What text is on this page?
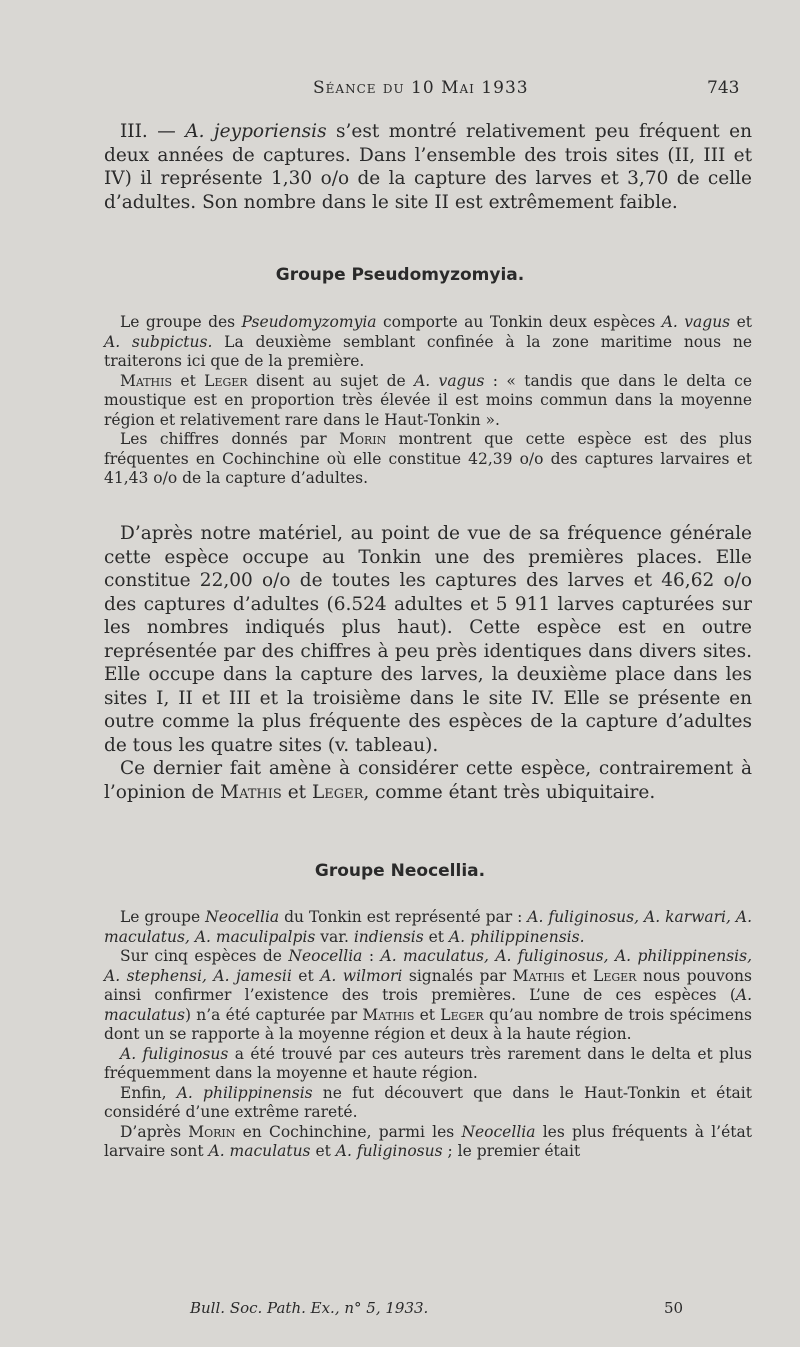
Séance du 10 Mai 1933	743

III. — A. jeyporiensis s’est montré relativement peu fréquent en deux années de captures. Dans l’ensemble des trois sites (II, III et IV) il représente 1,30 o/o de la capture des larves et 3,70 de celle d’adultes. Son nombre dans le site II est extrêmement faible.

Groupe Pseudomyzomyia.

Le groupe des Pseudomyzomyia comporte au Tonkin deux espèces A. vagus et A. subpictus. La deuxième semblant confinée à la zone maritime nous ne traiterons ici que de la première.

Mathis et Leger disent au sujet de A. vagus : « tandis que dans le delta ce moustique est en proportion très élevée il est moins commun dans la moyenne région et relativement rare dans le Haut-Tonkin ».

Les chiffres donnés par Morin montrent que cette espèce est des plus fréquentes en Cochinchine où elle constitue 42,39 o/o des captures larvaires et 41,43 o/o de la capture d’adultes.

D’après notre matériel, au point de vue de sa fréquence générale cette espèce occupe au Tonkin une des premières places. Elle constitue 22,00 o/o de toutes les captures des larves et 46,62 o/o des captures d’adultes (6.524 adultes et 5 911 larves capturées sur les nombres indiqués plus haut). Cette espèce est en outre représentée par des chiffres à peu près identiques dans divers sites. Elle occupe dans la capture des larves, la deuxième place dans les sites I, II et III et la troisième dans le site IV. Elle se présente en outre comme la plus fréquente des espèces de la capture d’adultes de tous les quatre sites (v. tableau).

Ce dernier fait amène à considérer cette espèce, contrairement à l’opinion de Mathis et Leger, comme étant très ubiquitaire.

Groupe Neocellia.

Le groupe Neocellia du Tonkin est représenté par : A. fuliginosus, A. karwari, A. maculatus, A. maculipalpis var. indiensis et A. philippinensis.

Sur cinq espèces de Neocellia : A. maculatus, A. fuliginosus, A. philippinensis, A. stephensi, A. jamesii et A. wilmori signalés par Mathis et Leger nous pouvons ainsi confirmer l’existence des trois premières. L’une de ces espèces (A. maculatus) n’a été capturée par Mathis et Leger qu’au nombre de trois spécimens dont un se rapporte à la moyenne région et deux à la haute région.

A. fuliginosus a été trouvé par ces auteurs très rarement dans le delta et plus fréquemment dans la moyenne et haute région.

Enfin, A. philippinensis ne fut découvert que dans le Haut-Tonkin et était considéré d’une extrême rareté.

D’après Morin en Cochinchine, parmi les Neocellia les plus fréquents à l’état larvaire sont A. maculatus et A. fuliginosus ; le premier était

Bull. Soc. Path. Ex., n° 5, 1933.	50
